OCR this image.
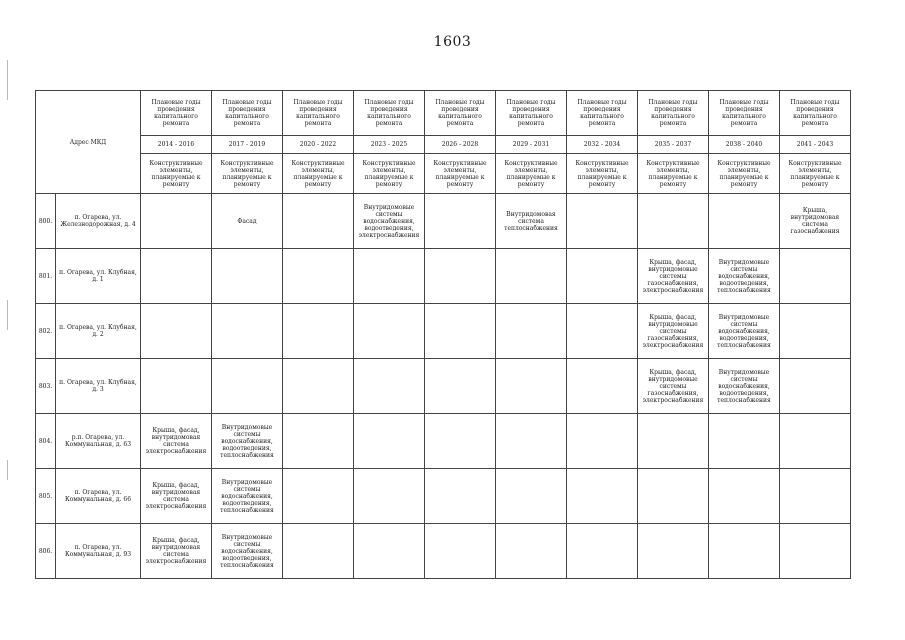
1603
Адрес МКД		Плановые годы проведения капитального ремонта	Плановые годы проведения капитального ремонта	Плановые годы проведения капитального ремонта	Плановые годы проведения капитального ремонта	Плановые годы проведения капитального ремонта	Плановые годы проведения капитального ремонта	Плановые годы проведения капитального ремонта	Плановые годы проведения капитального ремонта	Плановые годы проведения капитального ремонта	Плановые годы проведения капитального ремонта
		2014 - 2016	2017 - 2019	2020 - 2022	2023 - 2025	2026 - 2028	2029 - 2031	2032 - 2034	2035 - 2037	2038 - 2040	2041 - 2043
		Конструктивные элементы, планируемые к ремонту	Конструктивные элементы, планируемые к ремонту	Конструктивные элементы, планируемые к ремонту	Конструктивные элементы, планируемые к ремонту	Конструктивные элементы, планируемые к ремонту	Конструктивные элементы, планируемые к ремонту	Конструктивные элементы, планируемые к ремонту	Конструктивные элементы, планируемые к ремонту	Конструктивные элементы, планируемые к ремонту	Конструктивные элементы, планируемые к ремонту
800.	п. Огарева, ул. Железнодорожная, д. 4		Фасад		Внутридомовые системы водоснабжения, водоотведения, электроснабжения		Внутридомовая система теплоснабжения				Крыша, внутридомовая система газоснабжения
801.	п. Огарева, ул. Клубная, д. 1								Крыша, фасад, внутридомовые системы газоснабжения, электроснабжения	Внутридомовые системы водоснабжения, водоотведения, теплоснабжения	
802.	п. Огарева, ул. Клубная, д. 2								Крыша, фасад, внутридомовые системы газоснабжения, электроснабжения	Внутридомовые системы водоснабжения, водоотведения, теплоснабжения	
803.	п. Огарева, ул. Клубная, д. 3								Крыша, фасад, внутридомовые системы газоснабжения, электроснабжения	Внутридомовые системы водоснабжения, водоотведения, теплоснабжения	
804.	р.п. Огарева, ул. Коммунальная, д. 63	Крыша, фасад, внутридомовая система электроснабжения	Внутридомовые системы водоснабжения, водоотведения, теплоснабжения								
805.	п. Огарева, ул. Коммунальная, д. 66	Крыша, фасад, внутридомовая система электроснабжения	Внутридомовые системы водоснабжения, водоотведения, теплоснабжения								
806.	п. Огарева, ул. Коммунальная, д. 93	Крыша, фасад, внутридомовая система электроснабжения	Внутридомовые системы водоснабжения, водоотведения, теплоснабжения								
